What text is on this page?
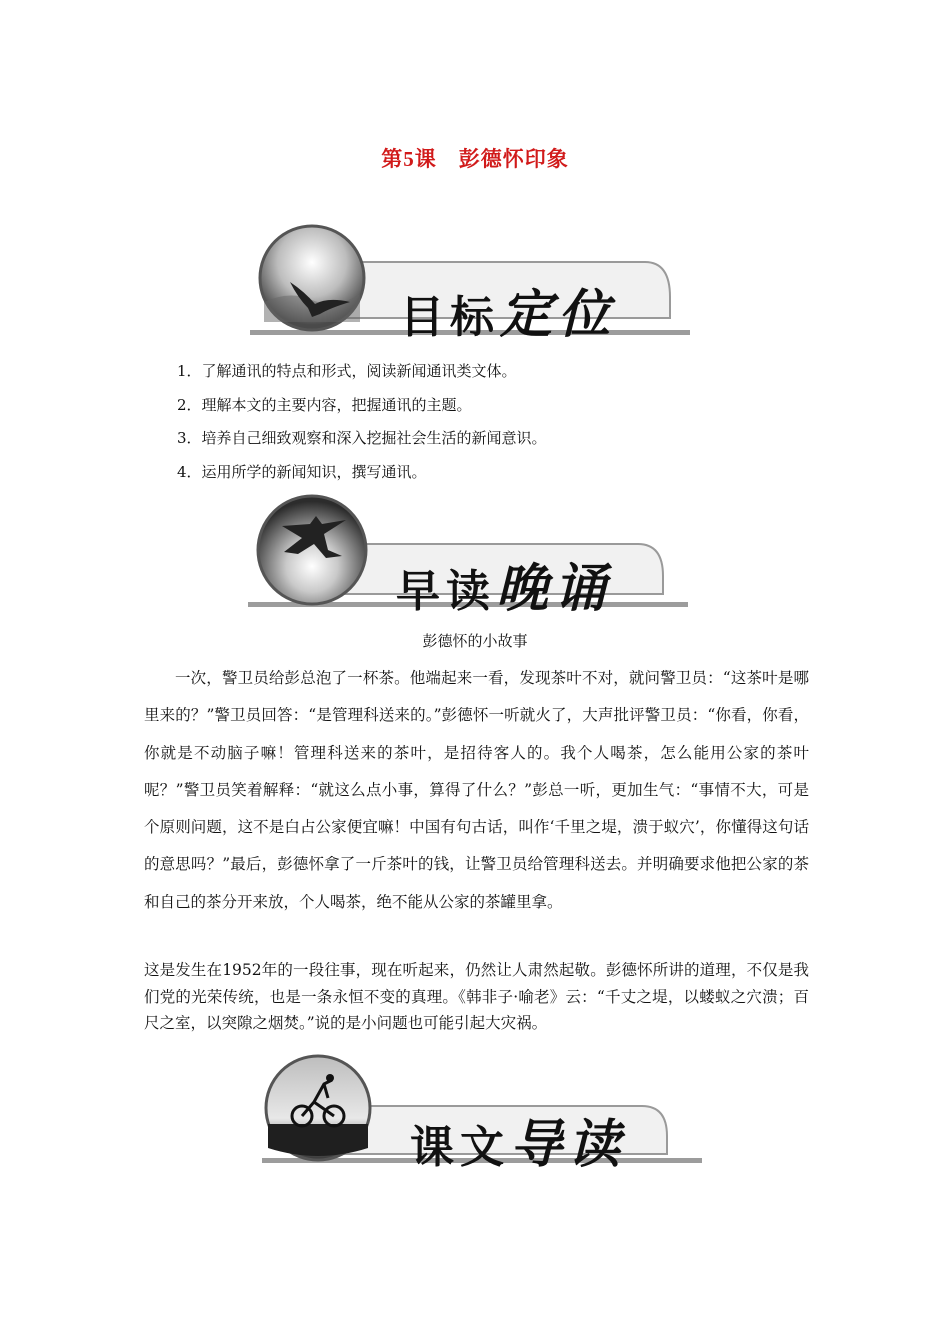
第5课　彭德怀印象
目标定位
1．了解通讯的特点和形式，阅读新闻通讯类文体。
2．理解本文的主要内容，把握通讯的主题。
3．培养自己细致观察和深入挖掘社会生活的新闻意识。
4．运用所学的新闻知识，撰写通讯。
早读晚诵
彭德怀的小故事

一次，警卫员给彭总泡了一杯茶。他端起来一看，发现茶叶不对，就问警卫员：“这茶叶是哪里来的？”警卫员回答：“是管理科送来的。”彭德怀一听就火了，大声批评警卫员：“你看，你看，你就是不动脑子嘛！管理科送来的茶叶，是招待客人的。我个人喝茶，怎么能用公家的茶叶呢？”警卫员笑着解释：“就这么点小事，算得了什么？”彭总一听，更加生气：“事情不大，可是个原则问题，这不是白占公家便宜嘛！中国有句古话，叫作‘千里之堤，溃于蚁穴’，你懂得这句话的意思吗？”最后，彭德怀拿了一斤茶叶的钱，让警卫员给管理科送去。并明确要求他把公家的茶和自己的茶分开来放，个人喝茶，绝不能从公家的茶罐里拿。

这是发生在1952年的一段往事，现在听起来，仍然让人肃然起敬。彭德怀所讲的道理，不仅是我们党的光荣传统，也是一条永恒不变的真理。《韩非子·喻老》云：“千丈之堤，以蝼蚁之穴溃；百尺之室，以突隙之烟焚。”说的是小问题也可能引起大灾祸。

课文导读
